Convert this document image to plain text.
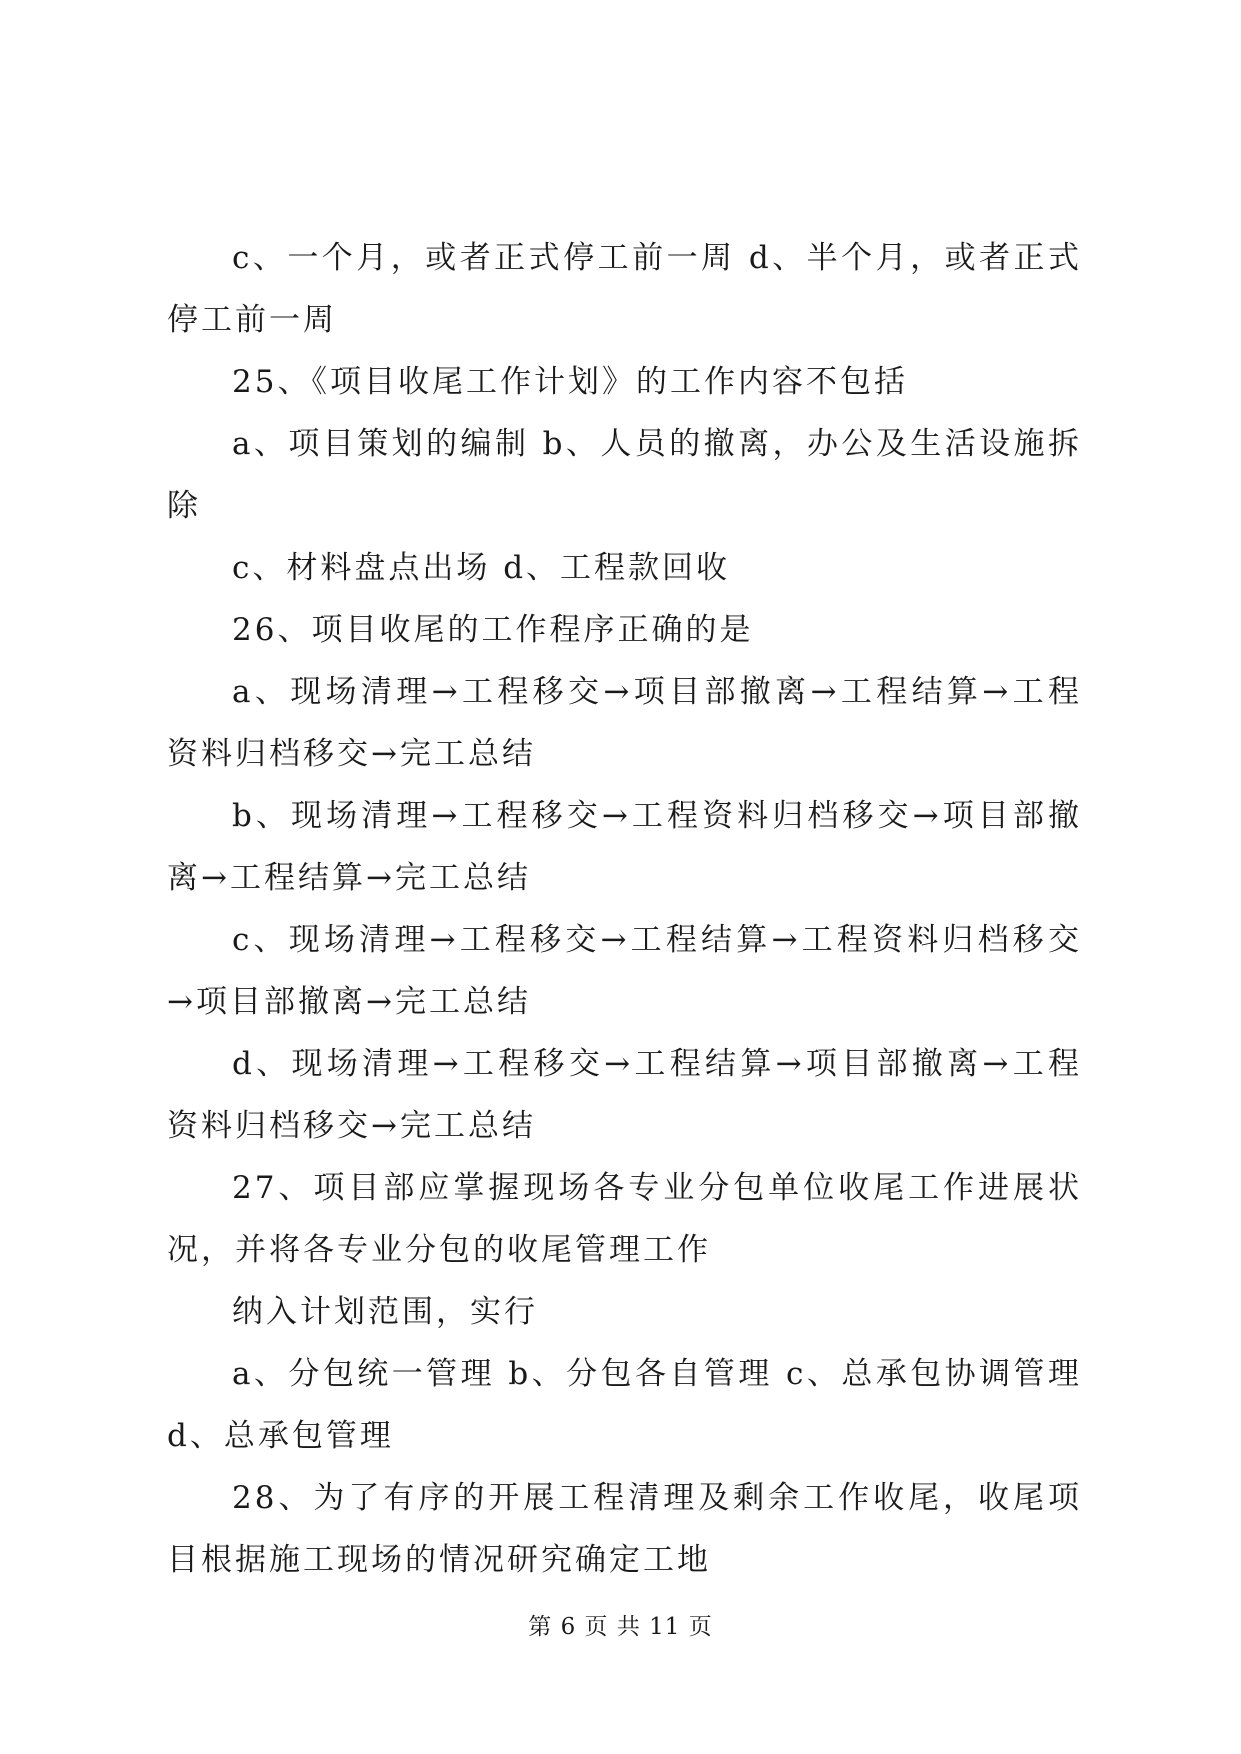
c、一个月，或者正式停工前一周 d、半个月，或者正式停工前一周

25、《项目收尾工作计划》的工作内容不包括

a、项目策划的编制 b、人员的撤离，办公及生活设施拆除

c、材料盘点出场 d、工程款回收

26、项目收尾的工作程序正确的是

a、现场清理→工程移交→项目部撤离→工程结算→工程资料归档移交→完工总结

b、现场清理→工程移交→工程资料归档移交→项目部撤离→工程结算→完工总结

c、现场清理→工程移交→工程结算→工程资料归档移交→项目部撤离→完工总结

d、现场清理→工程移交→工程结算→项目部撤离→工程资料归档移交→完工总结

27、项目部应掌握现场各专业分包单位收尾工作进展状况，并将各专业分包的收尾管理工作

纳入计划范围，实行

a、分包统一管理 b、分包各自管理 c、总承包协调管理 d、总承包管理

28、为了有序的开展工程清理及剩余工作收尾，收尾项目根据施工现场的情况研究确定工地

第 6 页 共 11 页
